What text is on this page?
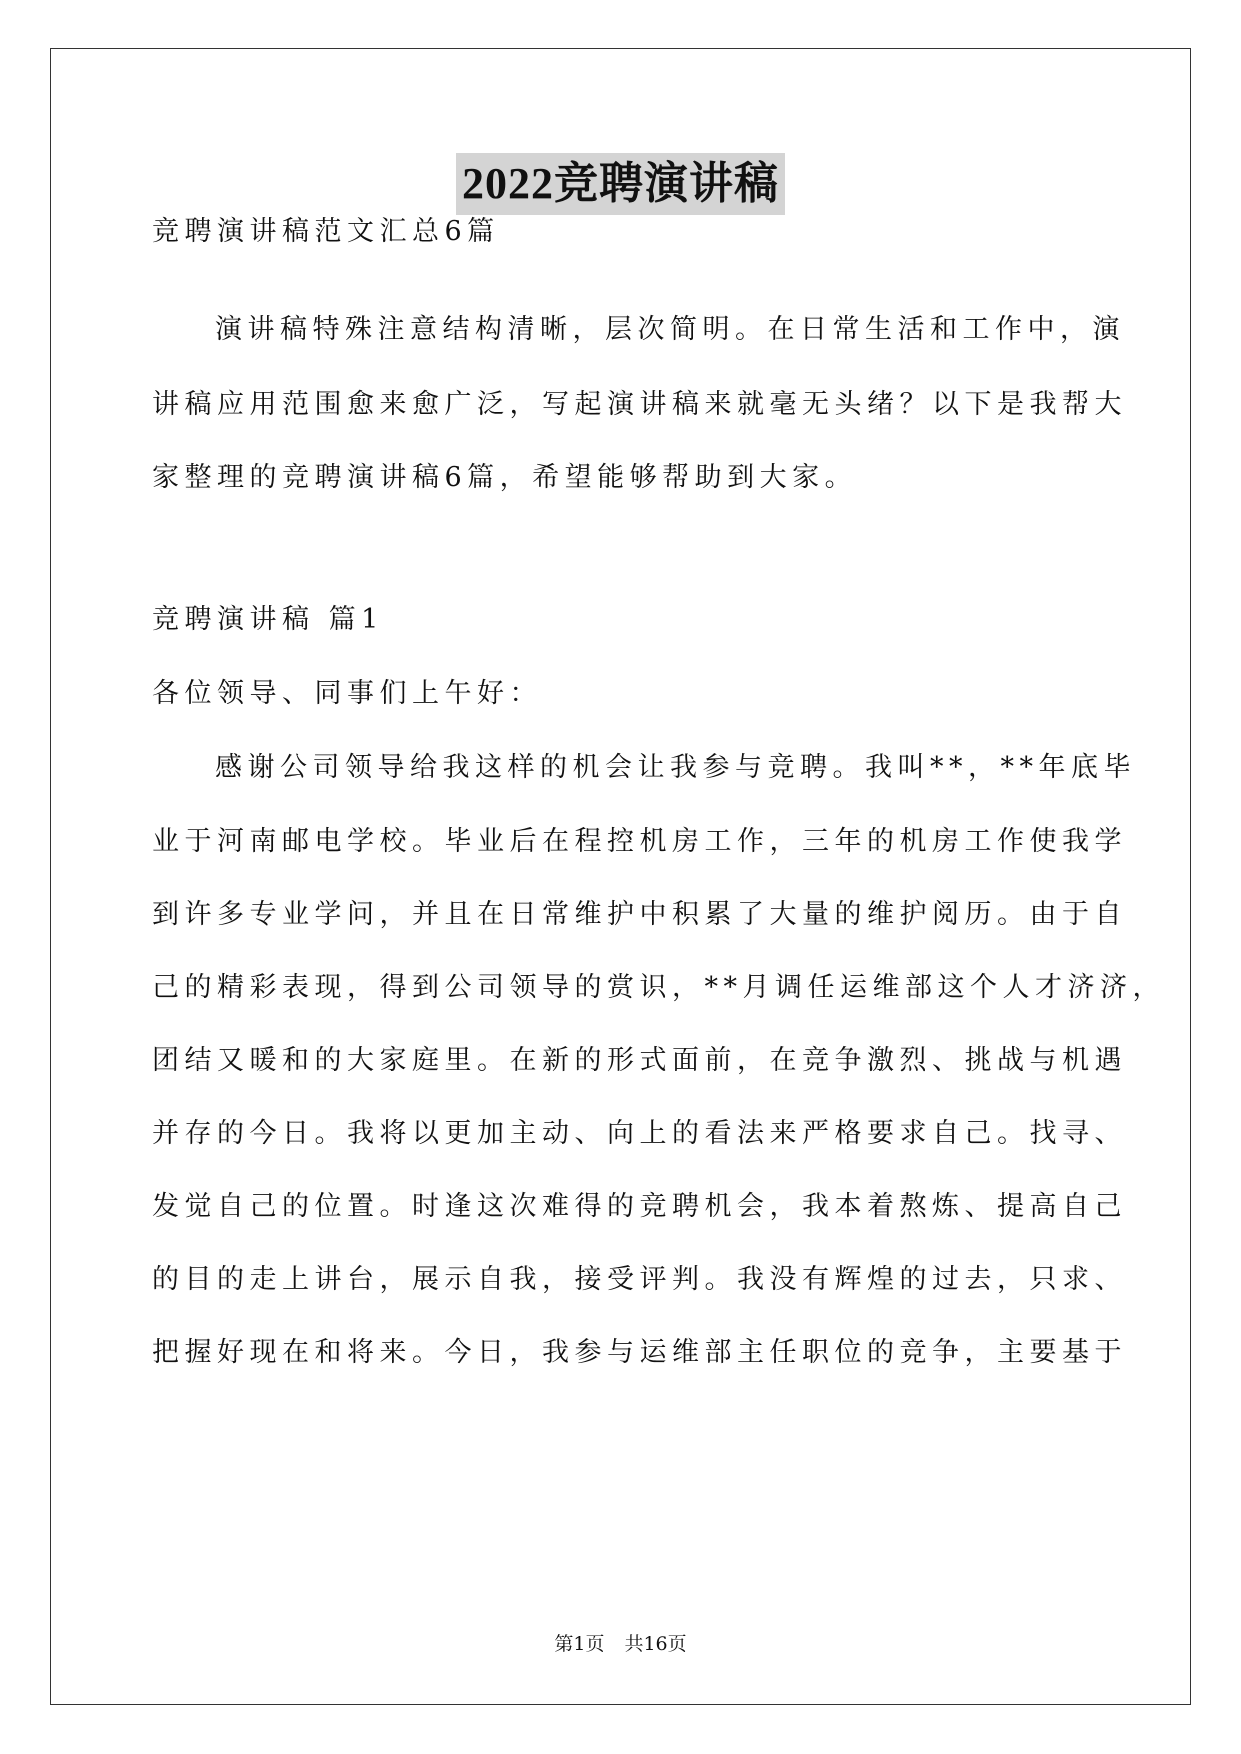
2022竞聘演讲稿
竞聘演讲稿范文汇总6篇
演讲稿特殊注意结构清晰，层次简明。在日常生活和工作中，演
讲稿应用范围愈来愈广泛，写起演讲稿来就毫无头绪？以下是我帮大
家整理的竞聘演讲稿6篇，希望能够帮助到大家。
竞聘演讲稿 篇1
各位领导、同事们上午好：
感谢公司领导给我这样的机会让我参与竞聘。我叫**，**年底毕
业于河南邮电学校。毕业后在程控机房工作，三年的机房工作使我学
到许多专业学问，并且在日常维护中积累了大量的维护阅历。由于自
己的精彩表现，得到公司领导的赏识，**月调任运维部这个人才济济，
团结又暖和的大家庭里。在新的形式面前，在竞争激烈、挑战与机遇
并存的今日。我将以更加主动、向上的看法来严格要求自己。找寻、
发觉自己的位置。时逢这次难得的竞聘机会，我本着熬炼、提高自己
的目的走上讲台，展示自我，接受评判。我没有辉煌的过去，只求、
把握好现在和将来。今日，我参与运维部主任职位的竞争，主要基于
第1页 共16页
